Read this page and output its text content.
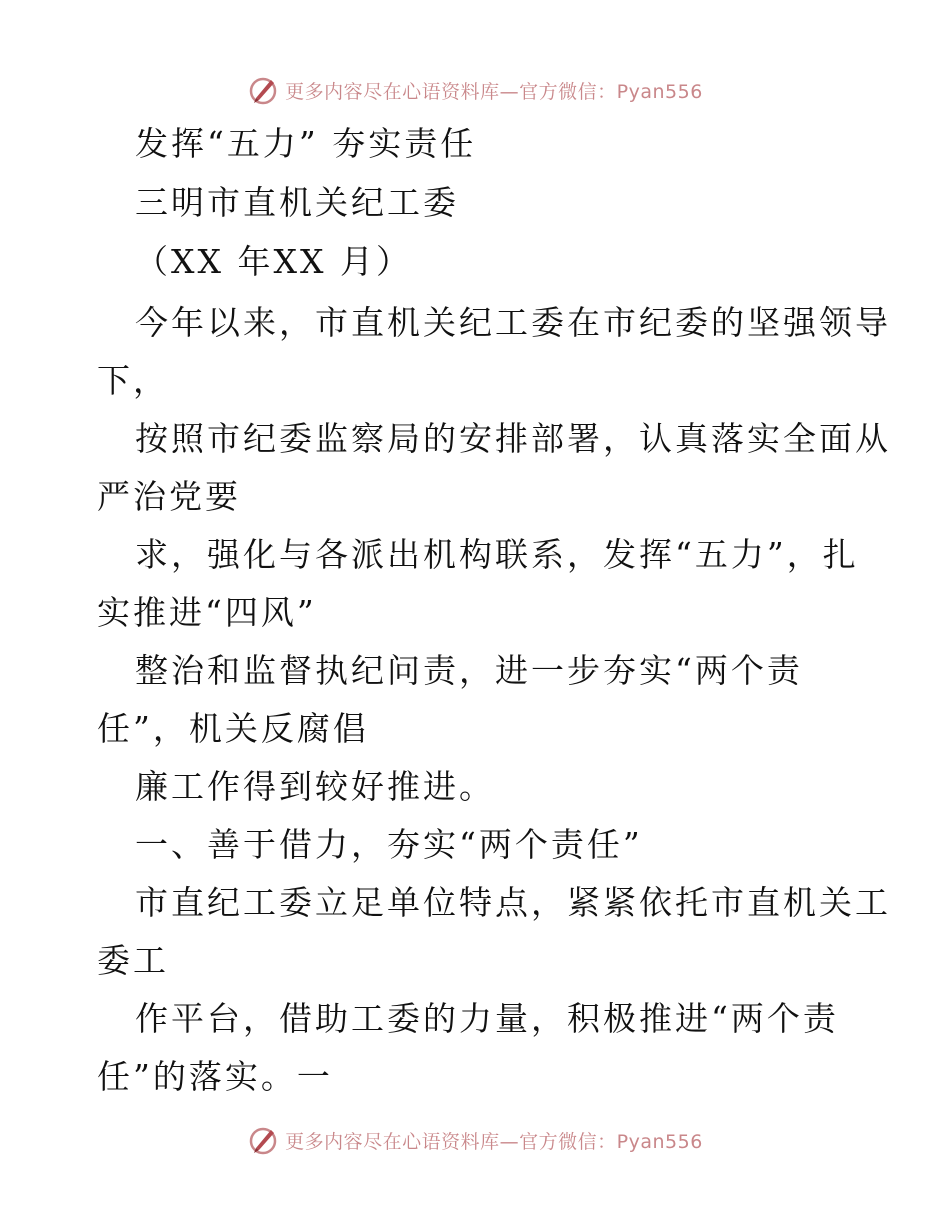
更多内容尽在心语资料库—官方微信：Pyan556
发挥“五力” 夯实责任
三明市直机关纪工委
（XX 年XX 月）
今年以来，市直机关纪工委在市纪委的坚强领导
下，
按照市纪委监察局的安排部署，认真落实全面从
严治党要
求，强化与各派出机构联系，发挥“五力”，扎
实推进“四风”
整治和监督执纪问责，进一步夯实“两个责
任”，机关反腐倡
廉工作得到较好推进。
一、善于借力，夯实“两个责任”
市直纪工委立足单位特点，紧紧依托市直机关工
委工
作平台，借助工委的力量，积极推进“两个责
任”的落实。一
更多内容尽在心语资料库—官方微信：Pyan556
